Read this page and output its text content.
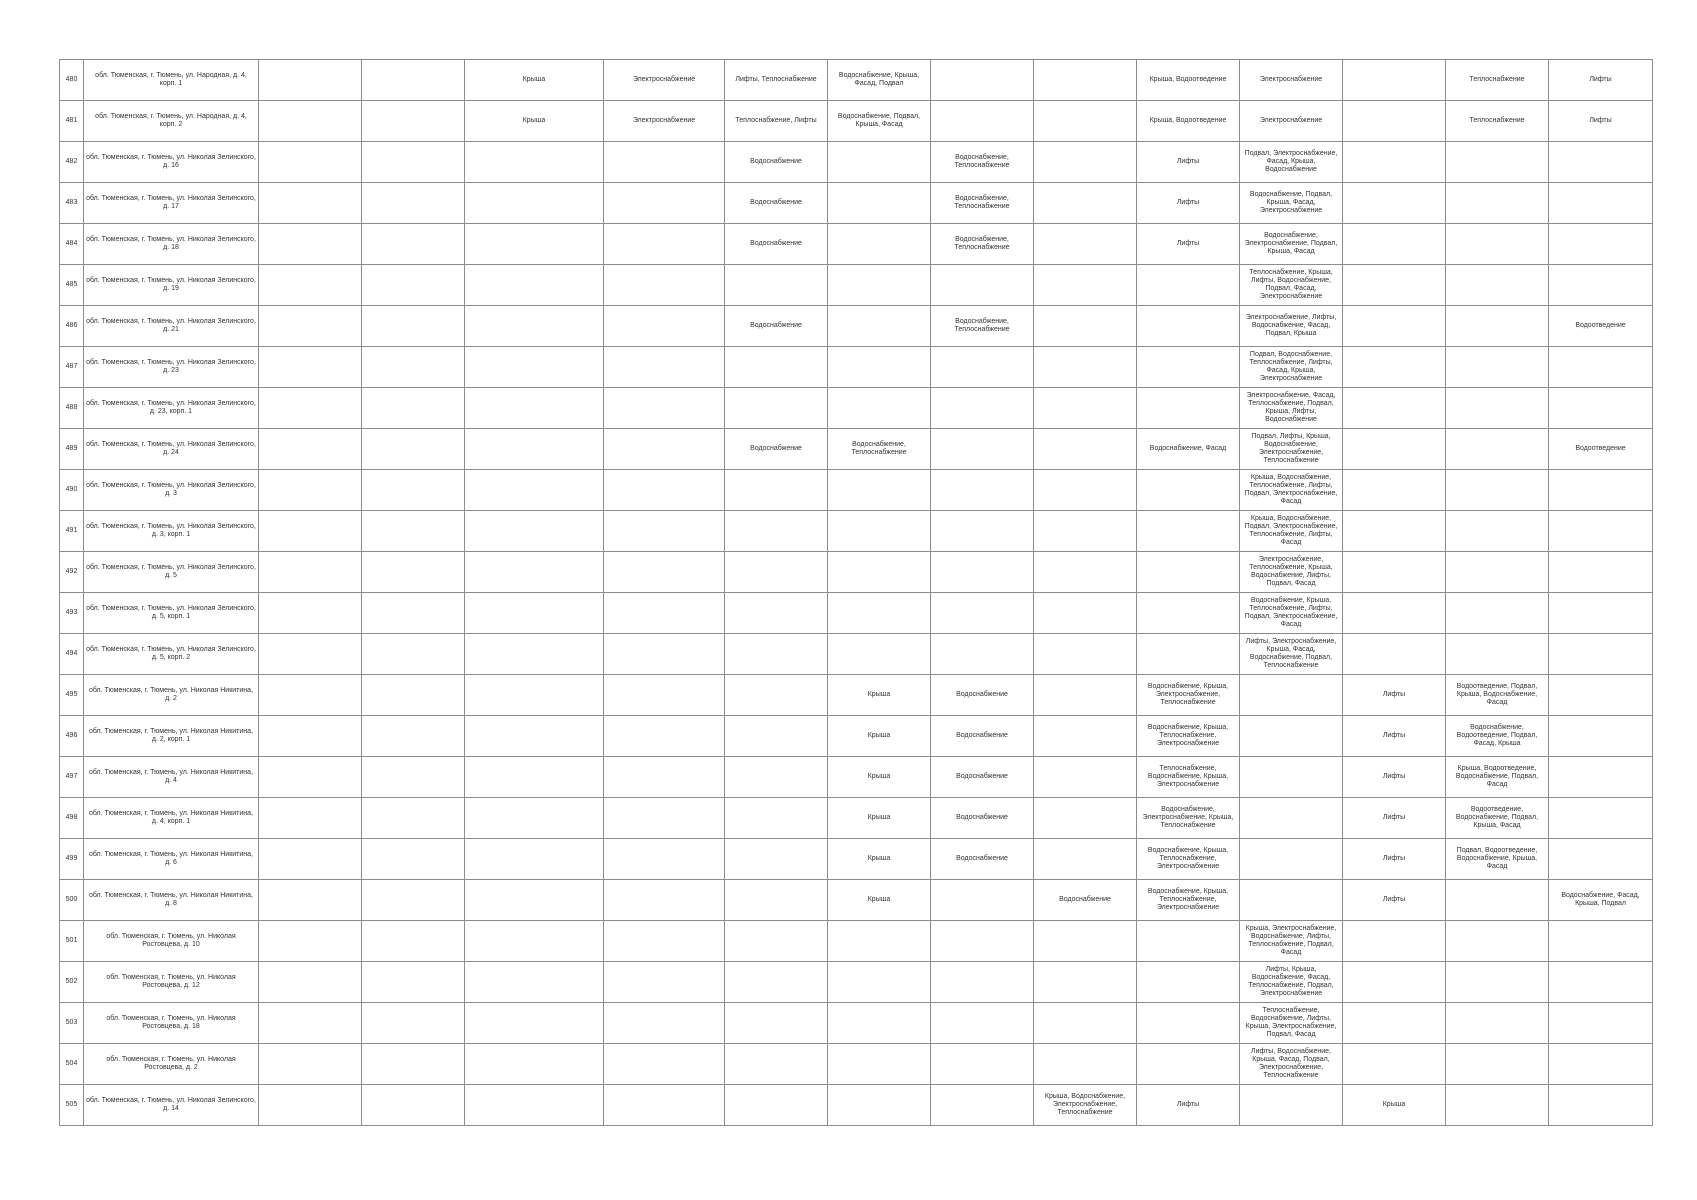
480	обл. Тюменская, г. Тюмень, ул. Народная, д. 4, корп. 1			Крыша	Электроснабжение	Лифты, Теплоснабжение	Водоснабжение, Крыша, Фасад, Подвал			Крыша, Водоотведение	Электроснабжение		Теплоснабжение	Лифты
481	обл. Тюменская, г. Тюмень, ул. Народная, д. 4, корп. 2			Крыша	Электроснабжение	Теплоснабжение, Лифты	Водоснабжение, Подвал, Крыша, Фасад			Крыша, Водоотведение	Электроснабжение		Теплоснабжение	Лифты
482	обл. Тюменская, г. Тюмень, ул. Николая Зелинского, д. 16					Водоснабжение		Водоснабжение, Теплоснабжение		Лифты	Подвал, Электроснабжение, Фасад, Крыша, Водоснабжение			
483	обл. Тюменская, г. Тюмень, ул. Николая Зелинского, д. 17					Водоснабжение		Водоснабжение, Теплоснабжение		Лифты	Водоснабжение, Подвал, Крыша, Фасад, Электроснабжение			
484	обл. Тюменская, г. Тюмень, ул. Николая Зелинского, д. 18					Водоснабжение		Водоснабжение, Теплоснабжение		Лифты	Водоснабжение, Электроснабжение, Подвал, Крыша, Фасад			
485	обл. Тюменская, г. Тюмень, ул. Николая Зелинского, д. 19										Теплоснабжение, Крыша, Лифты, Водоснабжение, Подвал, Фасад, Электроснабжение			
486	обл. Тюменская, г. Тюмень, ул. Николая Зелинского, д. 21					Водоснабжение		Водоснабжение, Теплоснабжение			Электроснабжение, Лифты, Водоснабжение, Фасад, Подвал, Крыша			Водоотведение
487	обл. Тюменская, г. Тюмень, ул. Николая Зелинского, д. 23										Подвал, Водоснабжение, Теплоснабжение, Лифты, Фасад, Крыша, Электроснабжение			
488	обл. Тюменская, г. Тюмень, ул. Николая Зелинского, д. 23, корп. 1										Электроснабжение, Фасад, Теплоснабжение, Подвал, Крыша, Лифты, Водоснабжение			
489	обл. Тюменская, г. Тюмень, ул. Николая Зелинского, д. 24					Водоснабжение	Водоснабжение, Теплоснабжение			Водоснабжение, Фасад	Подвал, Лифты, Крыша, Водоснабжение, Электроснабжение, Теплоснабжение			Водоотведение
490	обл. Тюменская, г. Тюмень, ул. Николая Зелинского, д. 3										Крыша, Водоснабжение, Теплоснабжение, Лифты, Подвал, Электроснабжение, Фасад			
491	обл. Тюменская, г. Тюмень, ул. Николая Зелинского, д. 3, корп. 1										Крыша, Водоснабжение, Подвал, Электроснабжение, Теплоснабжение, Лифты, Фасад			
492	обл. Тюменская, г. Тюмень, ул. Николая Зелинского, д. 5										Электроснабжение, Теплоснабжение, Крыша, Водоснабжение, Лифты, Подвал, Фасад			
493	обл. Тюменская, г. Тюмень, ул. Николая Зелинского, д. 5, корп. 1										Водоснабжение, Крыша, Теплоснабжение, Лифты, Подвал, Электроснабжение, Фасад			
494	обл. Тюменская, г. Тюмень, ул. Николая Зелинского, д. 5, корп. 2										Лифты, Электроснабжение, Крыша, Фасад, Водоснабжение, Подвал, Теплоснабжение			
495	обл. Тюменская, г. Тюмень, ул. Николая Никитина, д. 2						Крыша	Водоснабжение		Водоснабжение, Крыша, Электроснабжение, Теплоснабжение		Лифты	Водоотведение, Подвал, Крыша, Водоснабжение, Фасад	
496	обл. Тюменская, г. Тюмень, ул. Николая Никитина, д. 2, корп. 1						Крыша	Водоснабжение		Водоснабжение, Крыша, Теплоснабжение, Электроснабжение		Лифты	Водоснабжение, Водоотведение, Подвал, Фасад, Крыша	
497	обл. Тюменская, г. Тюмень, ул. Николая Никитина, д. 4						Крыша	Водоснабжение		Теплоснабжение, Водоснабжение, Крыша, Электроснабжение		Лифты	Крыша, Водоотведение, Водоснабжение, Подвал, Фасад	
498	обл. Тюменская, г. Тюмень, ул. Николая Никитина, д. 4, корп. 1						Крыша	Водоснабжение		Водоснабжение, Электроснабжение, Крыша, Теплоснабжение		Лифты	Водоотведение, Водоснабжение, Подвал, Крыша, Фасад	
499	обл. Тюменская, г. Тюмень, ул. Николая Никитина, д. 6						Крыша	Водоснабжение		Водоснабжение, Крыша, Теплоснабжение, Электроснабжение		Лифты	Подвал, Водоотведение, Водоснабжение, Крыша, Фасад	
500	обл. Тюменская, г. Тюмень, ул. Николая Никитина, д. 8						Крыша		Водоснабжение	Водоснабжение, Крыша, Теплоснабжение, Электроснабжение		Лифты		Водоснабжение, Фасад, Крыша, Подвал
501	обл. Тюменская, г. Тюмень, ул. Николая Ростовцева, д. 10										Крыша, Электроснабжение, Водоснабжение, Лифты, Теплоснабжение, Подвал, Фасад			
502	обл. Тюменская, г. Тюмень, ул. Николая Ростовцева, д. 12										Лифты, Крыша, Водоснабжение, Фасад, Теплоснабжение, Подвал, Электроснабжение			
503	обл. Тюменская, г. Тюмень, ул. Николая Ростовцева, д. 18										Теплоснабжение, Водоснабжение, Лифты, Крыша, Электроснабжение, Подвал, Фасад			
504	обл. Тюменская, г. Тюмень, ул. Николая Ростовцева, д. 2										Лифты, Водоснабжение, Крыша, Фасад, Подвал, Электроснабжение, Теплоснабжение			
505	обл. Тюменская, г. Тюмень, ул. Николая Зелинского, д. 14								Крыша, Водоснабжение, Электроснабжение, Теплоснабжение	Лифты		Крыша		
